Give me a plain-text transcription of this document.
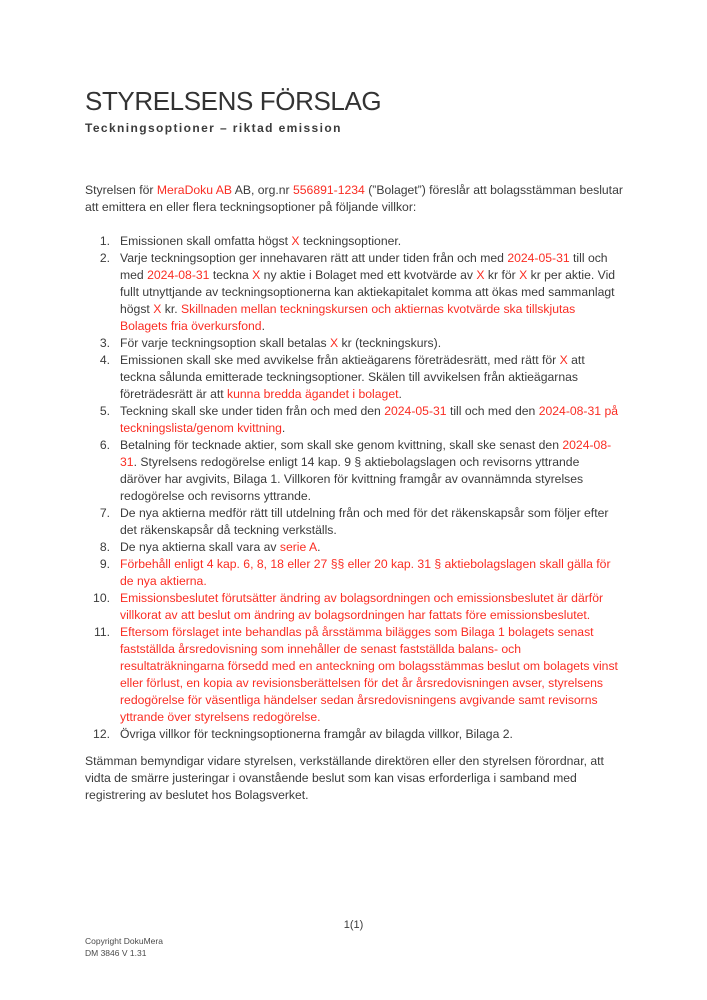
STYRELSENS FÖRSLAG
Teckningsoptioner – riktad emission

Styrelsen för MeraDoku AB AB, org.nr 556891-1234 (”Bolaget”) föreslår att bolagsstämman beslutar att emittera en eller flera teckningsoptioner på följande villkor:

1. Emissionen skall omfatta högst X teckningsoptioner.
2. Varje teckningsoption ger innehavaren rätt att under tiden från och med 2024-05-31 till och med 2024-08-31 teckna X ny aktie i Bolaget med ett kvotvärde av X kr för X kr per aktie. Vid fullt utnyttjande av teckningsoptionerna kan aktiekapitalet komma att ökas med sammanlagt högst X kr. Skillnaden mellan teckningskursen och aktiernas kvotvärde ska tillskjutas Bolagets fria överkursfond.
3. För varje teckningsoption skall betalas X kr (teckningskurs).
4. Emissionen skall ske med avvikelse från aktieägarens företrädesrätt, med rätt för X att teckna sålunda emitterade teckningsoptioner. Skälen till avvikelsen från aktieägarnas företrädesrätt är att kunna bredda ägandet i bolaget.
5. Teckning skall ske under tiden från och med den 2024-05-31 till och med den 2024-08-31 på teckningslista/genom kvittning.
6. Betalning för tecknade aktier, som skall ske genom kvittning, skall ske senast den 2024-08-31. Styrelsens redogörelse enligt 14 kap. 9 § aktiebolagslagen och revisorns yttrande däröver har avgivits, Bilaga 1. Villkoren för kvittning framgår av ovannämnda styrelses redogörelse och revisorns yttrande.
7. De nya aktierna medför rätt till utdelning från och med för det räkenskapsår som följer efter det räkenskapsår då teckning verkställs.
8. De nya aktierna skall vara av serie A.
9. Förbehåll enligt 4 kap. 6, 8, 18 eller 27 §§ eller 20 kap. 31 § aktiebolagslagen skall gälla för de nya aktierna.
10. Emissionsbeslutet förutsätter ändring av bolagsordningen och emissionsbeslutet är därför villkorat av att beslut om ändring av bolagsordningen har fattats före emissionsbeslutet.
11. Eftersom förslaget inte behandlas på årsstämma bilägges som Bilaga 1 bolagets senast fastställda årsredovisning som innehåller de senast fastställda balans- och resultaträkningarna försedd med en anteckning om bolagsstämmas beslut om bolagets vinst eller förlust, en kopia av revisionsberättelsen för det år årsredovisningen avser, styrelsens redogörelse för väsentliga händelser sedan årsredovisningens avgivande samt revisorns yttrande över styrelsens redogörelse.
12. Övriga villkor för teckningsoptionerna framgår av bilagda villkor, Bilaga 2.

Stämman bemyndigar vidare styrelsen, verkställande direktören eller den styrelsen förordnar, att vidta de smärre justeringar i ovanstående beslut som kan visas erforderliga i samband med registrering av beslutet hos Bolagsverket.

1(1)
Copyright DokuMera
DM 3846 V 1.31
